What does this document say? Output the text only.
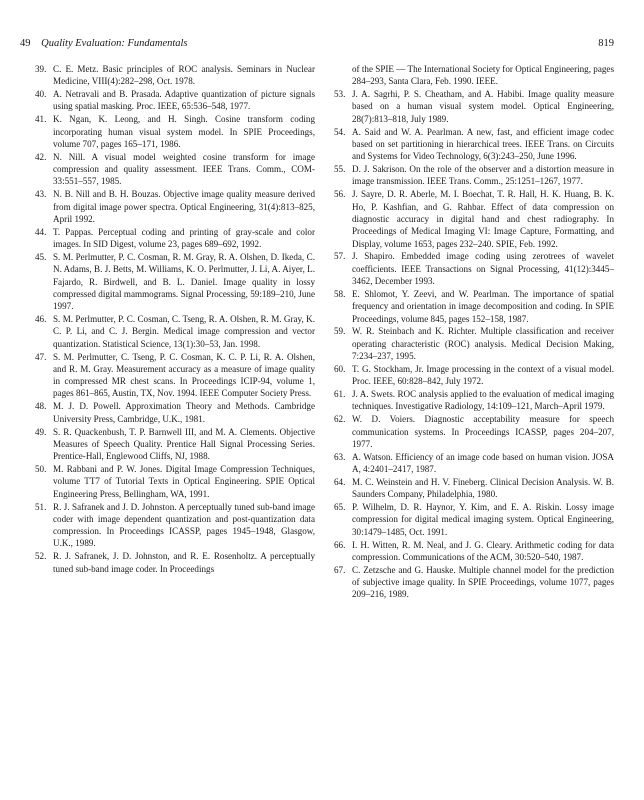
49 Quality Evaluation: Fundamentals	819
39. C. E. Metz. Basic principles of ROC analysis. Seminars in Nuclear Medicine, VIII(4):282–298, Oct. 1978.
40. A. Netravali and B. Prasada. Adaptive quantization of picture signals using spatial masking. Proc. IEEE, 65:536–548, 1977.
41. K. Ngan, K. Leong, and H. Singh. Cosine transform coding incorporating human visual system model. In SPIE Proceedings, volume 707, pages 165–171, 1986.
42. N. Nill. A visual model weighted cosine transform for image compression and quality assessment. IEEE Trans. Comm., COM-33:551–557, 1985.
43. N. B. Nill and B. H. Bouzas. Objective image quality measure derived from digital image power spectra. Optical Engineering, 31(4):813–825, April 1992.
44. T. Pappas. Perceptual coding and printing of gray-scale and color images. In SID Digest, volume 23, pages 689–692, 1992.
45. S. M. Perlmutter, P. C. Cosman, R. M. Gray, R. A. Olshen, D. Ikeda, C. N. Adams, B. J. Betts, M. Williams, K. O. Perlmutter, J. Li, A. Aiyer, L. Fajardo, R. Birdwell, and B. L. Daniel. Image quality in lossy compressed digital mammograms. Signal Processing, 59:189–210, June 1997.
46. S. M. Perlmutter, P. C. Cosman, C. Tseng, R. A. Olshen, R. M. Gray, K. C. P. Li, and C. J. Bergin. Medical image compression and vector quantization. Statistical Science, 13(1):30–53, Jan. 1998.
47. S. M. Perlmutter, C. Tseng, P. C. Cosman, K. C. P. Li, R. A. Olshen, and R. M. Gray. Measurement accuracy as a measure of image quality in compressed MR chest scans. In Proceedings ICIP-94, volume 1, pages 861–865, Austin, TX, Nov. 1994. IEEE Computer Society Press.
48. M. J. D. Powell. Approximation Theory and Methods. Cambridge University Press, Cambridge, U.K., 1981.
49. S. R. Quackenbush, T. P. Barnwell III, and M. A. Clements. Objective Measures of Speech Quality. Prentice Hall Signal Processing Series. Prentice-Hall, Englewood Cliffs, NJ, 1988.
50. M. Rabbani and P. W. Jones. Digital Image Compression Techniques, volume TT7 of Tutorial Texts in Optical Engineering. SPIE Optical Engineering Press, Bellingham, WA, 1991.
51. R. J. Safranek and J. D. Johnston. A perceptually tuned sub-band image coder with image dependent quantization and post-quantization data compression. In Proceedings ICASSP, pages 1945–1948, Glasgow, U.K., 1989.
52. R. J. Safranek, J. D. Johnston, and R. E. Rosenholtz. A perceptually tuned sub-band image coder. In Proceedings
of the SPIE — The International Society for Optical Engineering, pages 284–293, Santa Clara, Feb. 1990. IEEE.
53. J. A. Sagrhi, P. S. Cheatham, and A. Habibi. Image quality measure based on a human visual system model. Optical Engineering, 28(7):813–818, July 1989.
54. A. Said and W. A. Pearlman. A new, fast, and efficient image codec based on set partitioning in hierarchical trees. IEEE Trans. on Circuits and Systems for Video Technology, 6(3):243–250, June 1996.
55. D. J. Sakrison. On the role of the observer and a distortion measure in image transmission. IEEE Trans. Comm., 25:1251–1267, 1977.
56. J. Sayre, D. R. Aberle, M. I. Boechat, T. R. Hall, H. K. Huang, B. K. Ho, P. Kashfian, and G. Rahbar. Effect of data compression on diagnostic accuracy in digital hand and chest radiography. In Proceedings of Medical Imaging VI: Image Capture, Formatting, and Display, volume 1653, pages 232–240. SPIE, Feb. 1992.
57. J. Shapiro. Embedded image coding using zerotrees of wavelet coefficients. IEEE Transactions on Signal Processing, 41(12):3445–3462, December 1993.
58. E. Shlomot, Y. Zeevi, and W. Pearlman. The importance of spatial frequency and orientation in image decomposition and coding. In SPIE Proceedings, volume 845, pages 152–158, 1987.
59. W. R. Steinbach and K. Richter. Multiple classification and receiver operating characteristic (ROC) analysis. Medical Decision Making, 7:234–237, 1995.
60. T. G. Stockham, Jr. Image processing in the context of a visual model. Proc. IEEE, 60:828–842, July 1972.
61. J. A. Swets. ROC analysis applied to the evaluation of medical imaging techniques. Investigative Radiology, 14:109–121, March–April 1979.
62. W. D. Voiers. Diagnostic acceptability measure for speech communication systems. In Proceedings ICASSP, pages 204–207, 1977.
63. A. Watson. Efficiency of an image code based on human vision. JOSA A, 4:2401–2417, 1987.
64. M. C. Weinstein and H. V. Fineberg. Clinical Decision Analysis. W. B. Saunders Company, Philadelphia, 1980.
65. P. Wilhelm, D. R. Haynor, Y. Kim, and E. A. Riskin. Lossy image compression for digital medical imaging system. Optical Engineering, 30:1479–1485, Oct. 1991.
66. I. H. Witten, R. M. Neal, and J. G. Cleary. Arithmetic coding for data compression. Communications of the ACM, 30:520–540, 1987.
67. C. Zetzsche and G. Hauske. Multiple channel model for the prediction of subjective image quality. In SPIE Proceedings, volume 1077, pages 209–216, 1989.
